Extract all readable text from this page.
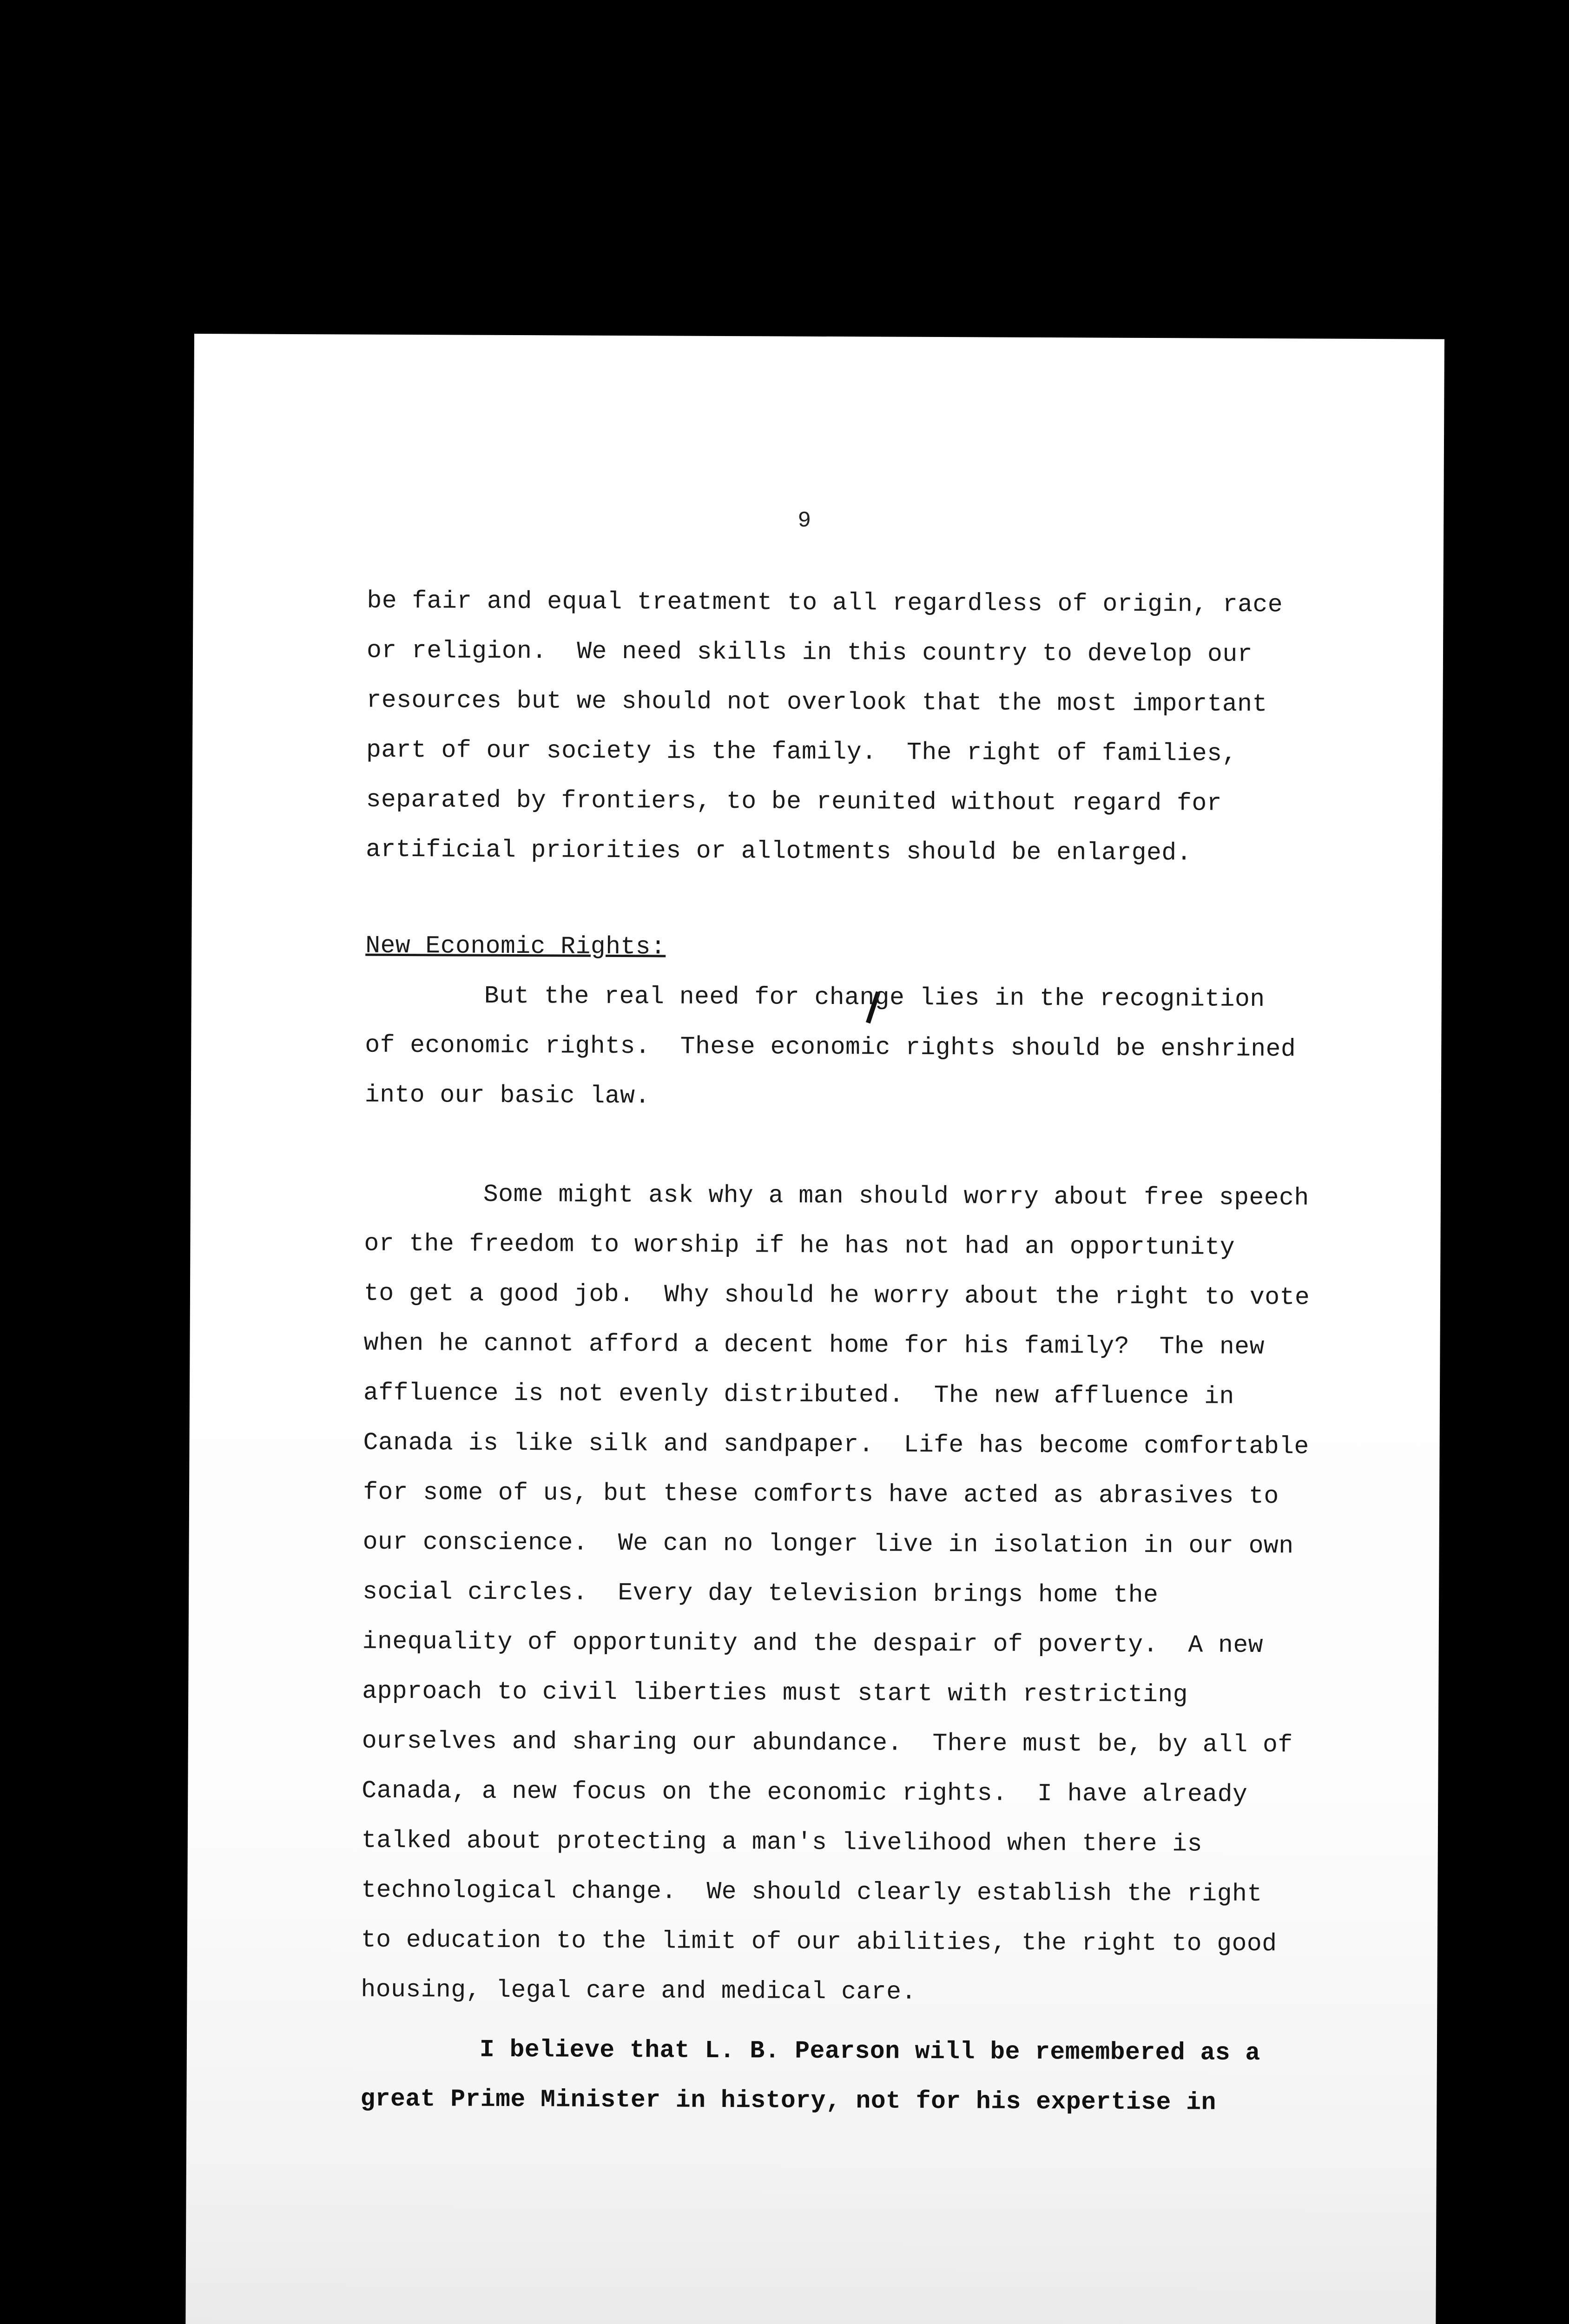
9
be fair and equal treatment to all regardless of origin, race
or religion.  We need skills in this country to develop our
resources but we should not overlook that the most important
part of our society is the family.  The right of families,
separated by frontiers, to be reunited without regard for
artificial priorities or allotments should be enlarged.
New Economic Rights:
But the real need for change lies in the recognition
of economic rights.  These economic rights should be enshrined
into our basic law.
Some might ask why a man should worry about free speech
or the freedom to worship if he has not had an opportunity
to get a good job.  Why should he worry about the right to vote
when he cannot afford a decent home for his family?  The new
affluence is not evenly distributed.  The new affluence in
Canada is like silk and sandpaper.  Life has become comfortable
for some of us, but these comforts have acted as abrasives to
our conscience.  We can no longer live in isolation in our own
social circles.  Every day television brings home the
inequality of opportunity and the despair of poverty.  A new
approach to civil liberties must start with restricting
ourselves and sharing our abundance.  There must be, by all of
Canada, a new focus on the economic rights.  I have already
talked about protecting a man's livelihood when there is
technological change.  We should clearly establish the right
to education to the limit of our abilities, the right to good
housing, legal care and medical care.
I believe that L. B. Pearson will be remembered as a
great Prime Minister in history, not for his expertise in
